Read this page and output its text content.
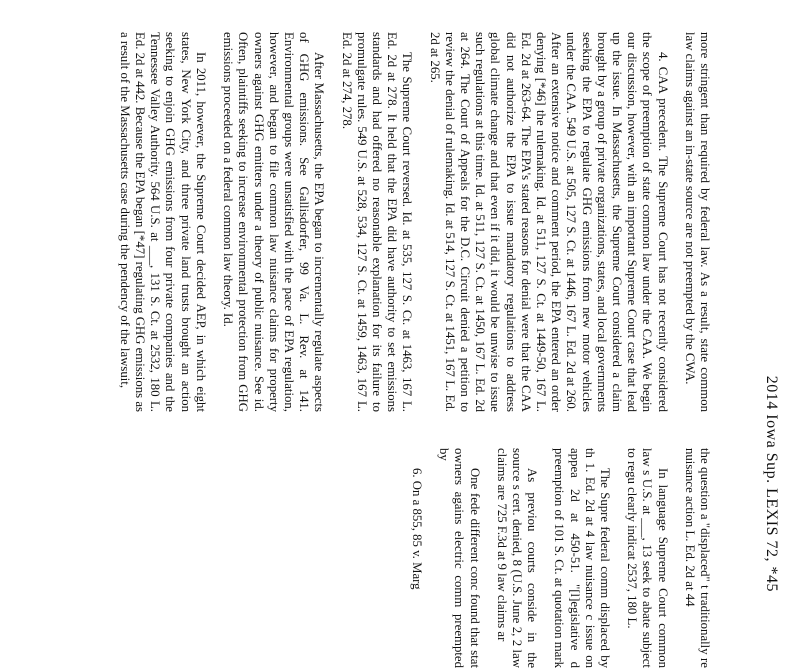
2014 Iowa Sup. LEXIS 72, *45

more stringent than required by federal law. As a result, state common law claims against an in-state source are not preempted by the CWA.

4. CAA precedent. The Supreme Court has not recently considered the scope of preemption of state common law under the CAA. We begin our discussion, however, with an important Supreme Court case that lead up the issue. In Massachusetts, the Supreme Court considered a claim brought by a group of private organizations, states, and local governments seeking the EPA to regulate GHG emissions from new motor vehicles under the CAA. 549 U.S. at 505, 127 S. Ct. at 1446, 167 L. Ed. 2d at 260. After an extensive notice and comment period, the EPA entered an order denying [*46] the rulemaking. Id. at 511, 127 S. Ct. at 1449-50, 167 L. Ed. 2d at 263-64. The EPA's stated reasons for denial were that the CAA did not authorize the EPA to issue mandatory regulations to address global climate change and that even if it did, it would be unwise to issue such regulations at this time. Id. at 511, 127 S. Ct. at 1450, 167 L. Ed. 2d at 264. The Court of Appeals for the D.C. Circuit denied a petition to review the denial of rulemaking. Id. at 514, 127 S. Ct. at 1451, 167 L. Ed. 2d at 265.

The Supreme Court reversed. Id. at 535, 127 S. Ct. at 1463, 167 L. Ed. 2d at 278. It held that the EPA did have authority to set emissions standards and had offered no reasonable explanation for its failure to promulgate rules. 549 U.S. at 528, 534, 127 S. Ct. at 1459, 1463, 167 L. Ed. 2d at 274, 278.

After Massachusetts, the EPA began to incrementally regulate aspects of GHG emissions. See Gallisdorfer, 99 Va. L. Rev. at 141. Environmental groups were unsatisfied with the pace of EPA regulation, however, and began to file common law nuisance claims for property owners against GHG emitters under a theory of public nuisance. See id. Often, plaintiffs seeking to increase environmental protection from GHG emissions proceeded on a federal common law theory. Id.

In 2011, however, the Supreme Court decided AEP, in which eight states, New York City, and three private land trusts brought an action seeking to enjoin GHG emissions from four private companies and the Tennessee Valley Authority. 564 U.S. at ___, 131 S. Ct. at 2532, 180 L. Ed. 2d at 442. Because the EPA began [*47] regulating GHG emissions as a result of the Massachusetts case during the pendency of the lawsuit,

the question a "displaced" t traditionally re nuisance action L. Ed. 2d at 44

In language Supreme Court common law s U.S. at ___, 13 seek to abate subject to regu clearly indicat 2537, 180 L.

The Supre federal comm displaced by th 1. Ed. 2d at 4 law nuisance c issue on appea 2d at 450-51. "[l]egislative d preemption of 101 S. Ct. at quotation mark

As previou courts conside in the source s cert. denied, 8 (U.S. June 2, 2 law claims are 725 F.3d at 9 law claims ar

One fede different conc found that stat owners agains electric comm preempted by

6. On a 855, 85 v. Marg
